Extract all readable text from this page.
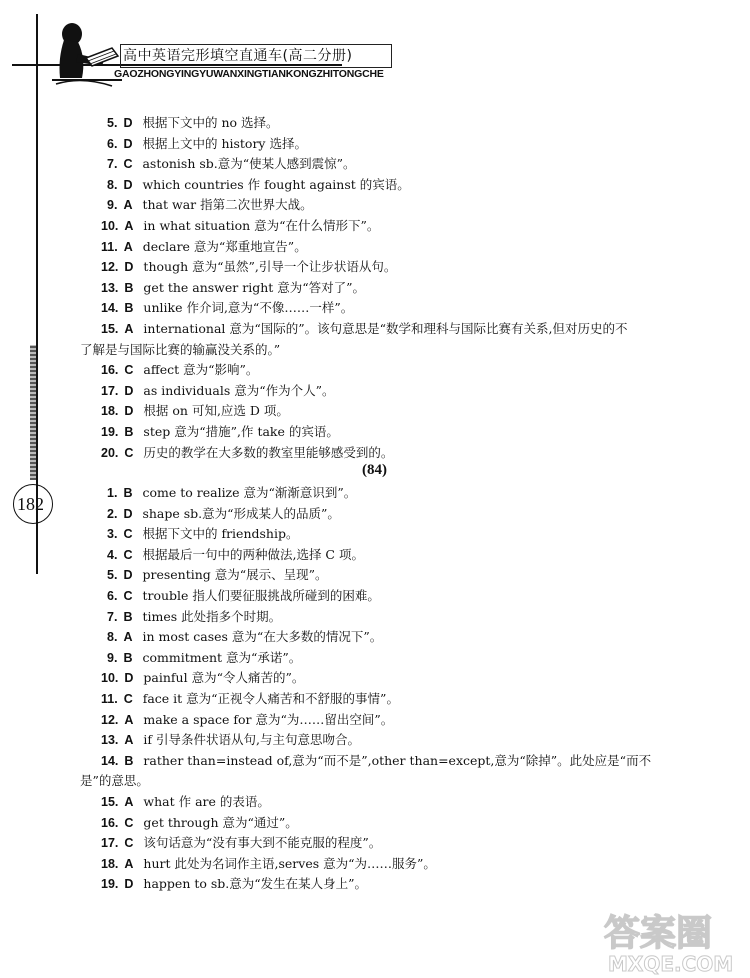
高中英语完形填空直通车(高二分册)
GAOZHONGYINGYUWANXINGTIANKONGZHITONGCHE
182
5. D 根据下文中的 no 选择。
6. D 根据上文中的 history 选择。
7. C astonish sb.意为“使某人感到震惊”。
8. D which countries 作 fought against 的宾语。
9. A that war 指第二次世界大战。
10. A in what situation 意为“在什么情形下”。
11. A declare 意为“郑重地宣告”。
12. D though 意为“虽然”,引导一个让步状语从句。
13. B get the answer right 意为“答对了”。
14. B unlike 作介词,意为“不像……一样”。
15. A international 意为“国际的”。该句意思是“数学和理科与国际比赛有关系,但对历史的不
了解是与国际比赛的输赢没关系的。”
16. C affect 意为“影响”。
17. D as individuals 意为“作为个人”。
18. D 根据 on 可知,应选 D 项。
19. B step 意为“措施”,作 take 的宾语。
20. C 历史的教学在大多数的教室里能够感受到的。
1. B come to realize 意为“渐渐意识到”。
2. D shape sb.意为“形成某人的品质”。
3. C 根据下文中的 friendship。
4. C 根据最后一句中的两种做法,选择 C 项。
5. D presenting 意为“展示、呈现”。
6. C trouble 指人们要征服挑战所碰到的困难。
7. B times 此处指多个时期。
8. A in most cases 意为“在大多数的情况下”。
9. B commitment 意为“承诺”。
10. D painful 意为“令人痛苦的”。
11. C face it 意为“正视令人痛苦和不舒服的事情”。
12. A make a space for 意为“为……留出空间”。
13. A if 引导条件状语从句,与主句意思吻合。
14. B rather than=instead of,意为“而不是”,other than=except,意为“除掉”。此处应是“而不
是”的意思。
15. A what 作 are 的表语。
16. C get through 意为“通过”。
17. C 该句话意为“没有事大到不能克服的程度”。
18. A hurt 此处为名词作主语,serves 意为“为……服务”。
19. D happen to sb.意为“发生在某人身上”。
(84)
答案圈
MXQE.COM
